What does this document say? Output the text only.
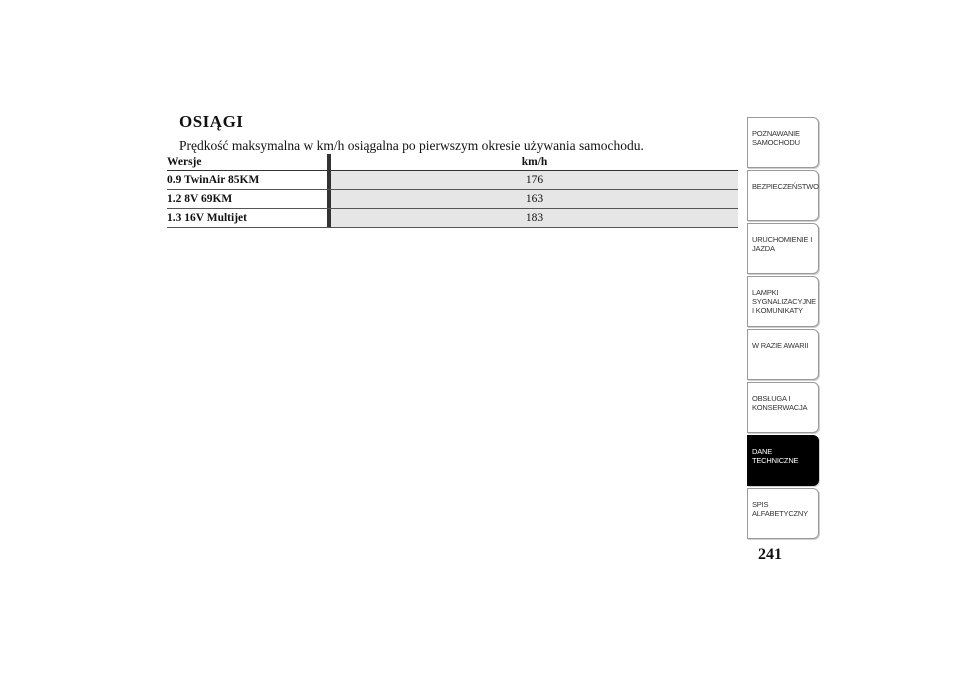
OSIĄGI
Prędkość maksymalna w km/h osiągalna po pierwszym okresie używania samochodu.
Wersje	km/h
0.9 TwinAir 85KM	176
1.2 8V 69KM	163
1.3 16V Multijet	183
POZNAWANIE SAMOCHODU
BEZPIECZEŃSTWO
URUCHOMIENIE I JAZDA
LAMPKI SYGNALIZACYJNE I KOMUNIKATY
W RAZIE AWARII
OBSŁUGA I KONSERWACJA
DANE TECHNICZNE
SPIS ALFABETYCZNY
241
